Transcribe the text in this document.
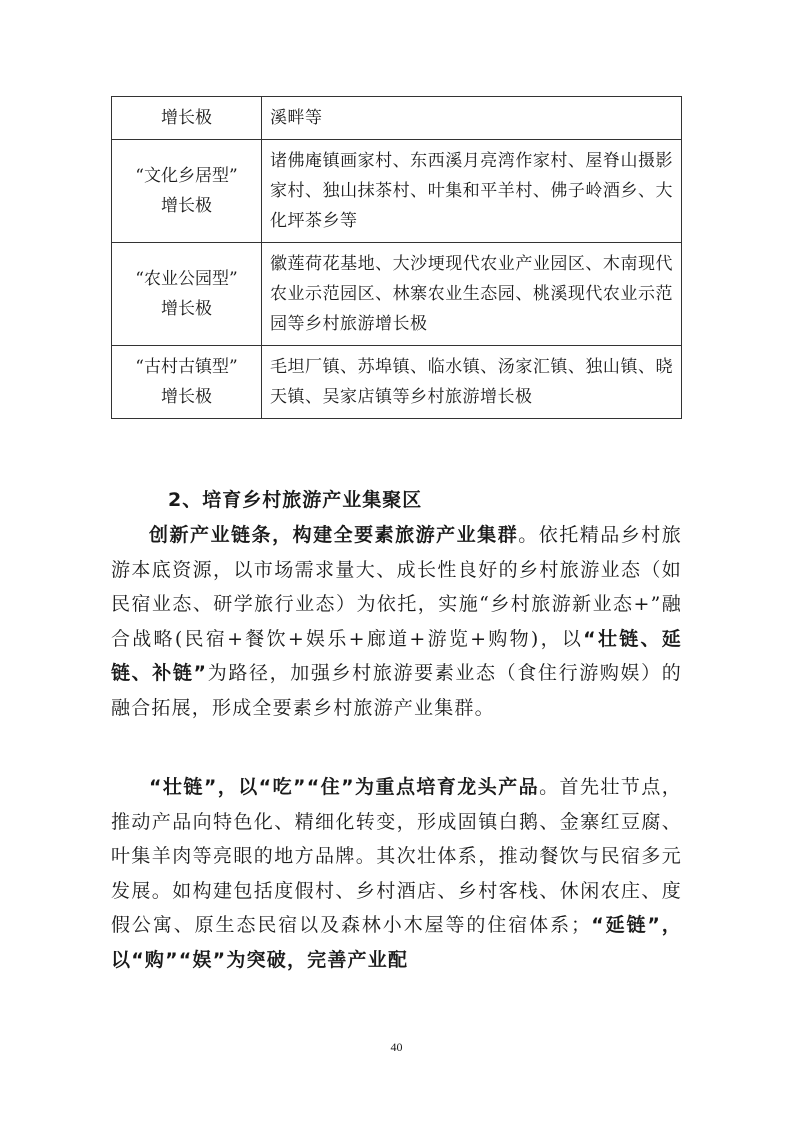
增长极	溪畔等

“文化乡居型”
增长极	诸佛庵镇画家村、东西溪月亮湾作家村、屋脊山摄影家村、独山抹茶村、叶集和平羊村、佛子岭酒乡、大化坪茶乡等

“农业公园型”
增长极	徽莲荷花基地、大沙埂现代农业产业园区、木南现代农业示范园区、林寨农业生态园、桃溪现代农业示范园等乡村旅游增长极

“古村古镇型”
增长极	毛坦厂镇、苏埠镇、临水镇、汤家汇镇、独山镇、晓天镇、吴家店镇等乡村旅游增长极
2、培育乡村旅游产业集聚区

创新产业链条，构建全要素旅游产业集群。依托精品乡村旅游本底资源，以市场需求量大、成长性良好的乡村旅游业态（如民宿业态、研学旅行业态）为依托，实施“乡村旅游新业态+”融合战略(民宿+餐饮+娱乐+廊道+游览+购物)，以“壮链、延链、补链”为路径，加强乡村旅游要素业态（食住行游购娱）的融合拓展，形成全要素乡村旅游产业集群。

“壮链”，以“吃”“住”为重点培育龙头产品。首先壮节点，推动产品向特色化、精细化转变，形成固镇白鹅、金寨红豆腐、叶集羊肉等亮眼的地方品牌。其次壮体系，推动餐饮与民宿多元发展。如构建包括度假村、乡村酒店、乡村客栈、休闲农庄、度假公寓、原生态民宿以及森林小木屋等的住宿体系；“延链”，以“购”“娱”为突破，完善产业配

40
